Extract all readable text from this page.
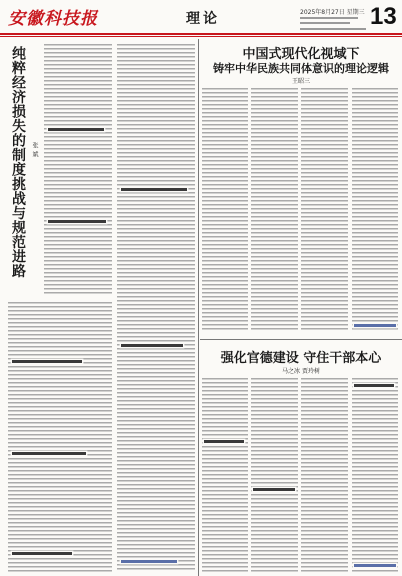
安徽科技报	理论	2025年8月27日 星期三 13
纯粹经济损失的制度挑战与规范进路 张斌
中国式现代化视域下
铸牢中华民族共同体意识的理论逻辑
王昭三
强化官德建设 守住干部本心
马之冰 贾玲树
